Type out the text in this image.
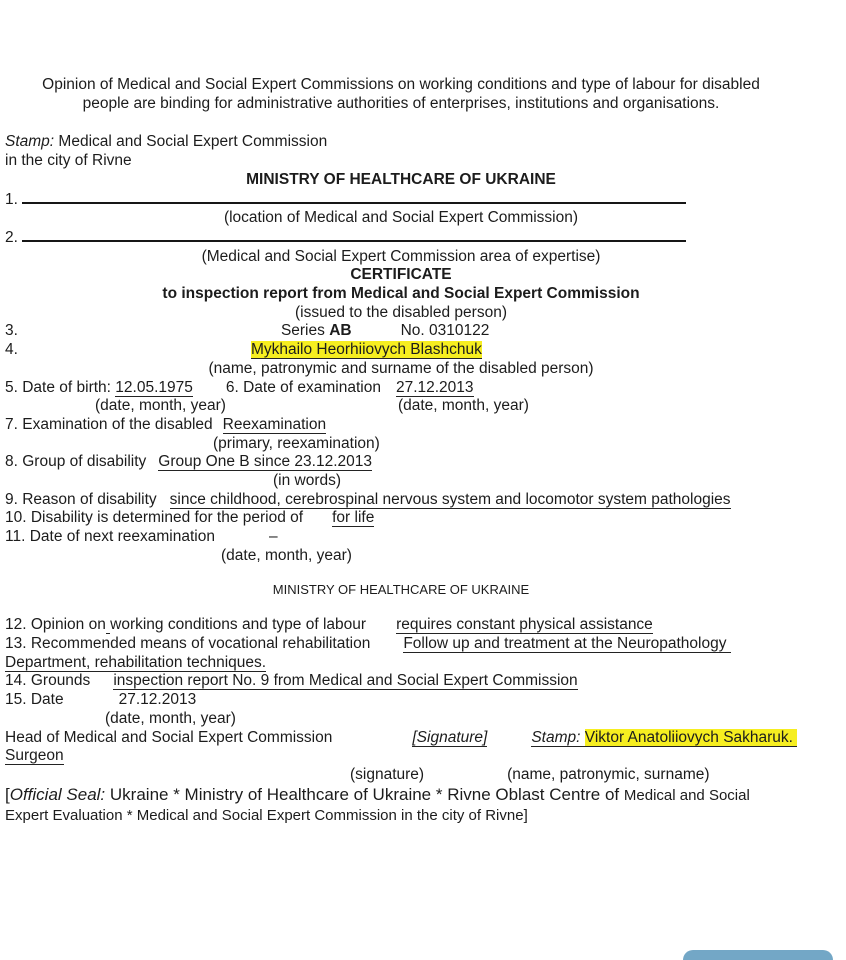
Opinion of Medical and Social Expert Commissions on working conditions and type of labour for disabled
people are binding for administrative authorities of enterprises, institutions and organisations.
Stamp: Medical and Social Expert Commission
in the city of Rivne
MINISTRY OF HEALTHCARE OF UKRAINE
1.
(location of Medical and Social Expert Commission)
2.
(Medical and Social Expert Commission area of expertise)
CERTIFICATE
to inspection report from Medical and Social Expert Commission
(issued to the disabled person)
3.	Series AB	No. 0310122
4.	Mykhailo Heorhiiovych Blashchuk
(name, patronymic and surname of the disabled person)
5. Date of birth: 12.05.1975 6. Date of examination 27.12.2013
(date, month, year)	(date, month, year)
7. Examination of the disabled Reexamination
(primary, reexamination)
8. Group of disability Group One B since 23.12.2013
(in words)
9. Reason of disability since childhood, cerebrospinal nervous system and locomotor system pathologies
10. Disability is determined for the period of for life
11. Date of next reexamination	–
(date, month, year)
MINISTRY OF HEALTHCARE OF UKRAINE
12. Opinion on working conditions and type of labour requires constant physical assistance
13. Recommended means of vocational rehabilitation Follow up and treatment at the Neuropathology
Department, rehabilitation techniques.
14. Grounds inspection report No. 9 from Medical and Social Expert Commission
15. Date	27.12.2013
(date, month, year)
Head of Medical and Social Expert Commission	[Signature]	Stamp: Viktor Anatoliiovych Sakharuk.
Surgeon
(signature)	(name, patronymic, surname)
[Official Seal: Ukraine * Ministry of Healthcare of Ukraine * Rivne Oblast Centre of Medical and Social
Expert Evaluation * Medical and Social Expert Commission in the city of Rivne]
